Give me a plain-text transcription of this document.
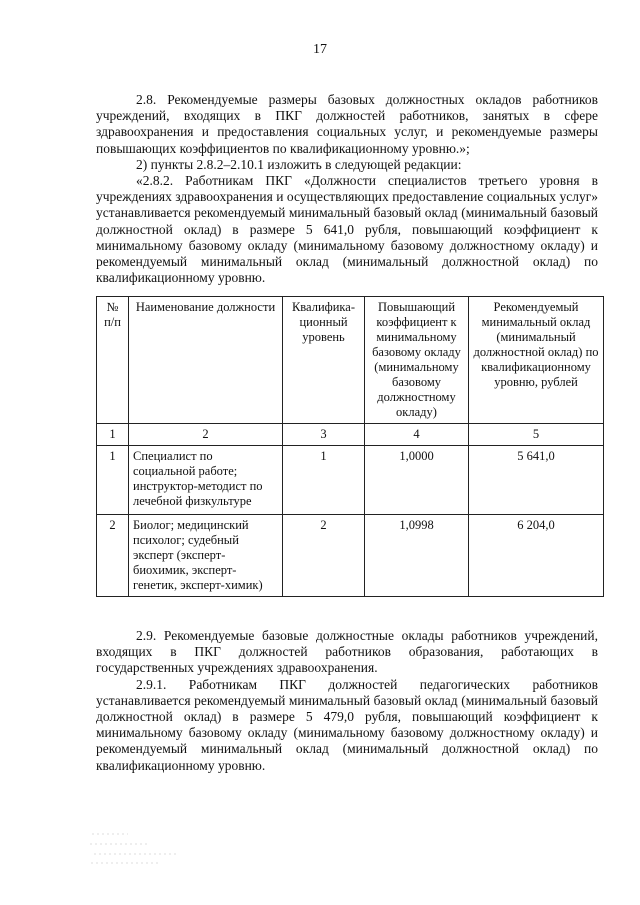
17

2.8. Рекомендуемые размеры базовых должностных окладов работников учреждений, входящих в ПКГ должностей работников, занятых в сфере здравоохранения и предоставления социальных услуг, и рекомендуемые размеры повышающих коэффициентов по квалификационному уровню.»;

2) пункты 2.8.2–2.10.1 изложить в следующей редакции:

«2.8.2. Работникам ПКГ «Должности специалистов третьего уровня в учреждениях здравоохранения и осуществляющих предоставление социальных услуг» устанавливается рекомендуемый минимальный базовый оклад (минимальный базовый должностной оклад) в размере 5 641,0 рубля, повышающий коэффициент к минимальному базовому окладу (минимальному базовому должностному окладу) и рекомендуемый минимальный оклад (минимальный должностной оклад) по квалификационному уровню.

№ п/п	Наименование должности	Квалифика-ционный уровень	Повышающий коэффициент к минимальному базовому окладу (минимальному базовому должностному окладу)	Рекомендуемый минимальный оклад (минимальный должностной оклад) по квалификационному уровню, рублей
1	2	3	4	5
1	Специалист по социальной работе; инструктор-методист по лечебной физкультуре	1	1,0000	5 641,0
2	Биолог; медицинский психолог; судебный эксперт (эксперт-биохимик, эксперт-генетик, эксперт-химик)	2	1,0998	6 204,0

2.9. Рекомендуемые базовые должностные оклады работников учреждений, входящих в ПКГ должностей работников образования, работающих в государственных учреждениях здравоохранения.

2.9.1. Работникам ПКГ должностей педагогических работников устанавливается рекомендуемый минимальный базовый оклад (минимальный базовый должностной оклад) в размере 5 479,0 рубля, повышающий коэффициент к минимальному базовому окладу (минимальному базовому должностному окладу) и рекомендуемый минимальный оклад (минимальный должностной оклад) по квалификационному уровню.
